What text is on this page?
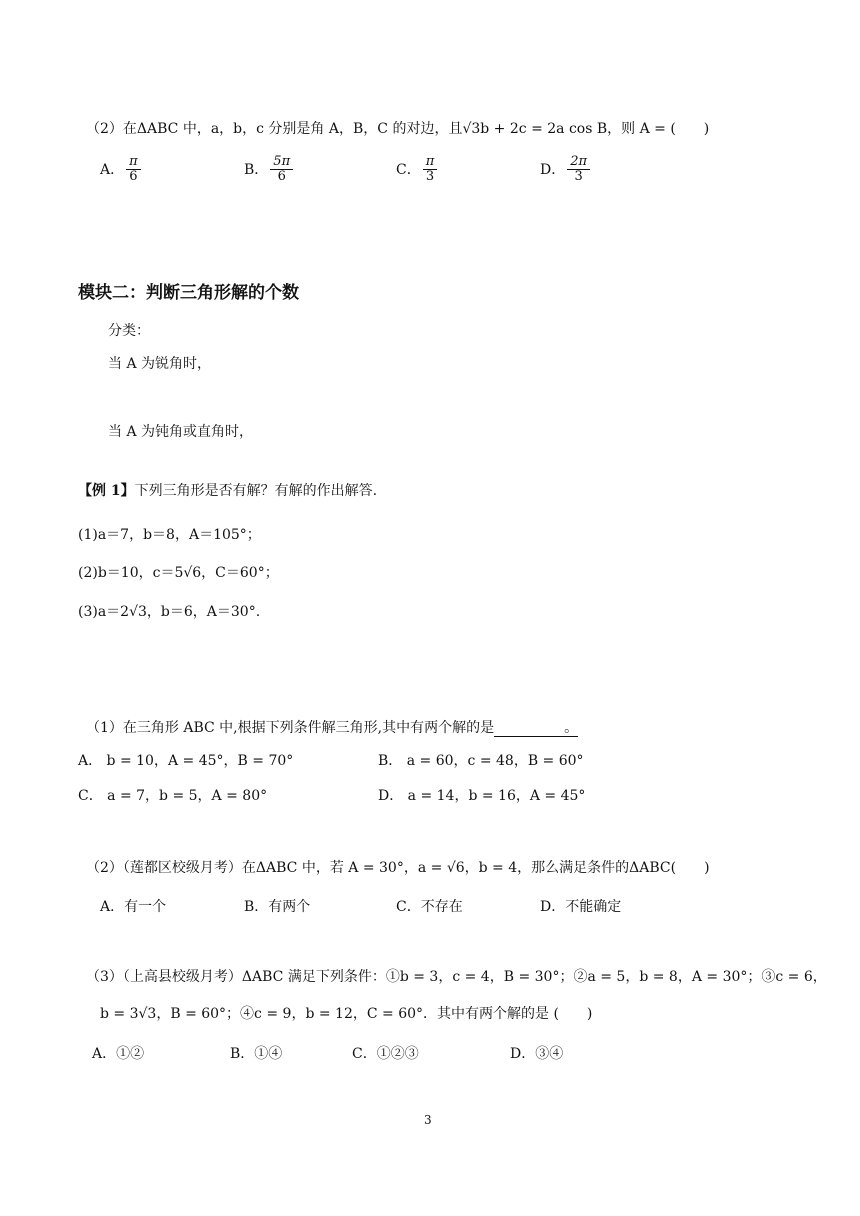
（2）在ΔABC 中，a，b，c 分别是角 A，B，C 的对边，且√3b + 2c = 2a cos B，则 A = (　　)
A． $\frac{\pi}{6}$	B． $\frac{5\pi}{6}$	C． $\frac{\pi}{3}$	D． $\frac{2\pi}{3}$
模块二：判断三角形解的个数
分类：
当 A 为锐角时，
当 A 为钝角或直角时，
【例 1】下列三角形是否有解？有解的作出解答.
(1)a＝7，b＝8，A＝105°；
(2)b＝10，c＝5√6，C＝60°；
(3)a＝2√3，b＝6，A＝30°.
（1）在三角形 ABC 中,根据下列条件解三角形,其中有两个解的是	。
A． b = 10，A = 45°，B = 70°	B． a = 60，c = 48，B = 60°
C． a = 7，b = 5，A = 80°	D． a = 14，b = 16，A = 45°
（2）（莲都区校级月考）在ΔABC 中，若 A = 30°，a = √6，b = 4，那么满足条件的ΔABC(　　)
A．有一个	B．有两个	C．不存在	D．不能确定
（3）（上高县校级月考）ΔABC 满足下列条件：①b = 3，c = 4，B = 30°；②a = 5，b = 8，A = 30°；③c = 6，
b = 3√3，B = 60°；④c = 9，b = 12，C = 60°．其中有两个解的是 (　　)
A．①②	B．①④	C．①②③	D．③④
3
